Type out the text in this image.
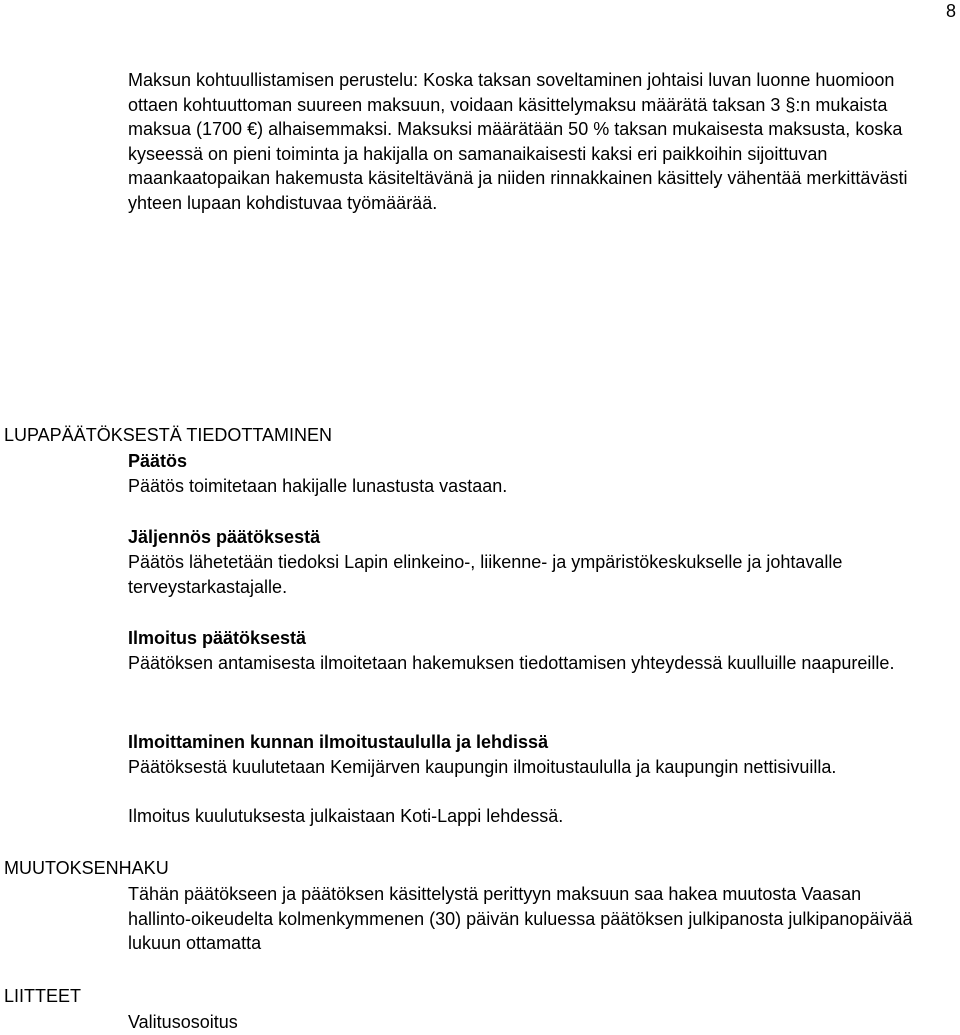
8
Maksun kohtuullistamisen perustelu: Koska taksan soveltaminen johtaisi luvan luonne huomioon ottaen kohtuuttoman suureen maksuun, voidaan käsittelymaksu määrätä taksan 3 §:n mukaista maksua (1700 €) alhaisemmaksi. Maksuksi määrätään 50 % taksan mukaisesta maksusta, koska kyseessä on pieni toiminta ja hakijalla on samanaikaisesti kaksi eri paikkoihin sijoittuvan maankaatopaikan hakemusta käsiteltävänä ja niiden rinnakkainen käsittely vähentää merkittävästi yhteen lupaan kohdistuvaa työmäärää.
LUPAPÄÄTÖKSESTÄ TIEDOTTAMINEN
Päätös
Päätös toimitetaan hakijalle lunastusta vastaan.
Jäljennös päätöksestä
Päätös lähetetään tiedoksi Lapin elinkeino-, liikenne- ja ympäristökeskukselle ja johtavalle terveystarkastajalle.
Ilmoitus päätöksestä
Päätöksen antamisesta ilmoitetaan hakemuksen tiedottamisen yhteydessä kuulluille naapureille.
Ilmoittaminen kunnan ilmoitustaululla ja lehdissä
Päätöksestä kuulutetaan Kemijärven kaupungin ilmoitustaululla ja kaupungin nettisivuilla.
Ilmoitus kuulutuksesta julkaistaan Koti-Lappi lehdessä.
MUUTOKSENHAKU
Tähän päätökseen ja päätöksen käsittelystä perittyyn maksuun saa hakea muutosta Vaasan hallinto-oikeudelta kolmenkymmenen (30) päivän kuluessa päätöksen julkipanosta julkipanopäivää lukuun ottamatta
LIITTEET
Valitusosoitus
